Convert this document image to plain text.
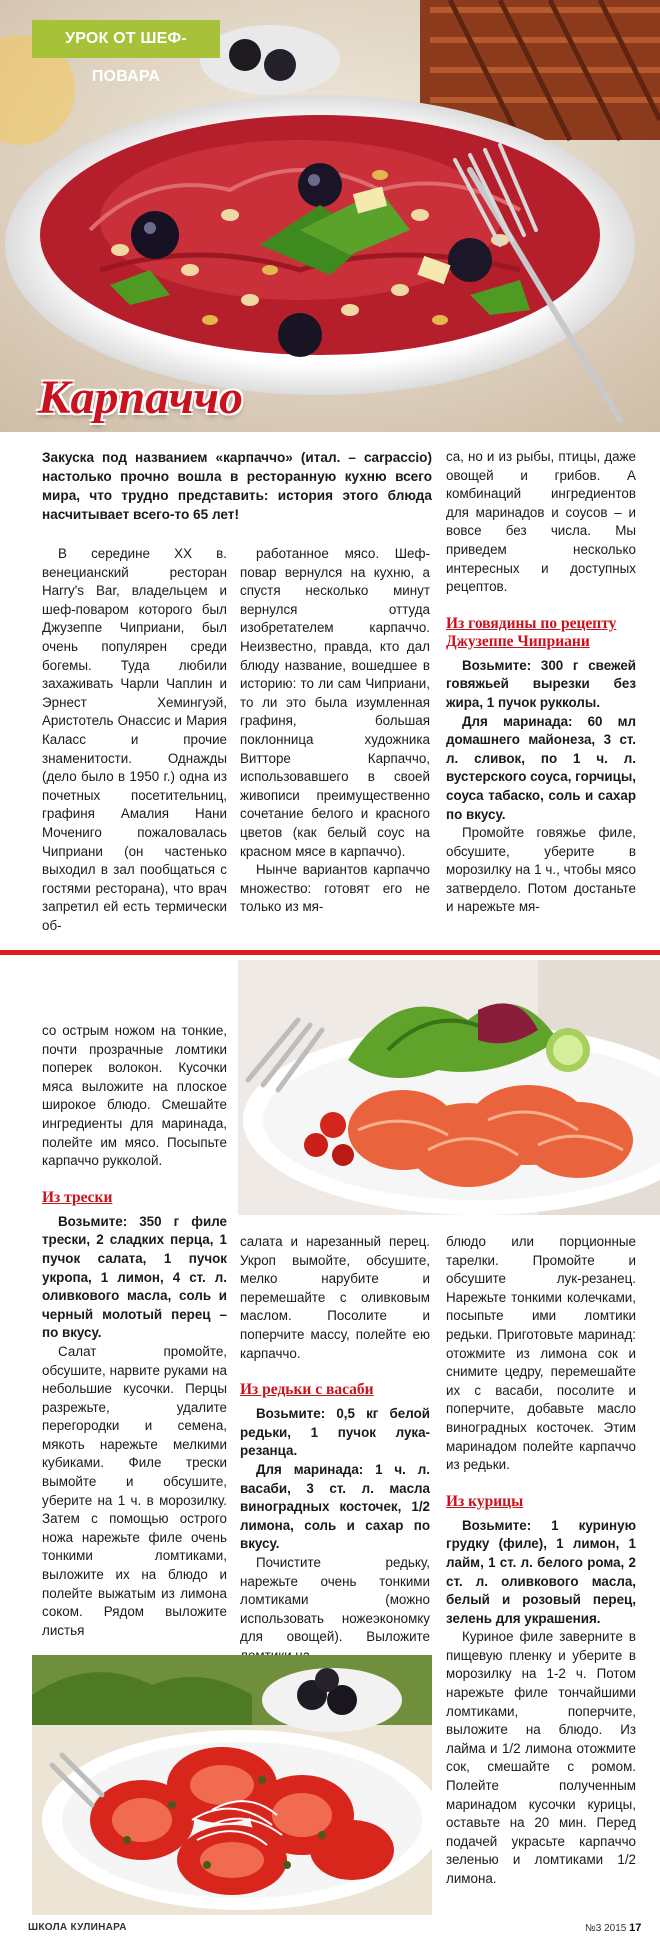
УРОК ОТ ШЕФ-ПОВАРА
Карпаччо
Закуска под названием «карпаччо» (итал. – carpaccio) настолько прочно вошла в ресторанную кухню всего мира, что трудно представить: история этого блюда насчитывает всего-то 65 лет!

В середине XX в. венецианский ресторан Harry's Bar, владельцем и шеф-поваром которого был Джузеппе Чиприани, был очень популярен среди богемы. Туда любили захаживать Чарли Чаплин и Эрнест Хемингуэй, Аристотель Онассис и Мария Каласс и прочие знаменитости. Однажды (дело было в 1950 г.) одна из почетных посетительниц, графиня Амалия Нани Мочениго пожаловалась Чиприани (он частенько выходил в зал пообщаться с гостями ресторана), что врач запретил ей есть термически об-

работанное мясо. Шеф-повар вернулся на кухню, а спустя несколько минут вернулся оттуда изобретателем карпаччо. Неизвестно, правда, кто дал блюду название, вошедшее в историю: то ли сам Чиприани, то ли это была изумленная графиня, большая поклонница художника Витторе Карпаччо, использовавшего в своей живописи преимущественно сочетание белого и красного цветов (как белый соус на красном мясе в карпаччо).

Нынче вариантов карпаччо множество: готовят его не только из мя-

са, но и из рыбы, птицы, даже овощей и грибов. А комбинаций ингредиентов для маринадов и соусов – и вовсе без числа. Мы приведем несколько интересных и доступных рецептов.

Из говядины по рецепту Джузеппе Чиприани

Возьмите: 300 г свежей говяжьей вырезки без жира, 1 пучок рукколы.

Для маринада: 60 мл домашнего майонеза, 3 ст. л. сливок, по 1 ч. л. вустерского соуса, горчицы, соуса табаско, соль и сахар по вкусу.

Промойте говяжье филе, обсушите, уберите в морозилку на 1 ч., чтобы мясо затвердело. Потом достаньте и нарежьте мя-

со острым ножом на тонкие, почти прозрачные ломтики поперек волокон. Кусочки мяса выложите на плоское широкое блюдо. Смешайте ингредиенты для маринада, полейте им мясо. Посыпьте карпаччо рукколой.

Из трески

Возьмите: 350 г филе трески, 2 сладких перца, 1 пучок салата, 1 пучок укропа, 1 лимон, 4 ст. л. оливкового масла, соль и черный молотый перец – по вкусу.

Салат промойте, обсушите, нарвите руками на небольшие кусочки. Перцы разрежьте, удалите перегородки и семена, мякоть нарежьте мелкими кубиками. Филе трески вымойте и обсушите, уберите на 1 ч. в морозилку. Затем с помощью острого ножа нарежьте филе очень тонкими ломтиками, выложите их на блюдо и полейте выжатым из лимона соком. Рядом выложите листья

салата и нарезанный перец. Укроп вымойте, обсушите, мелко нарубите и перемешайте с оливковым маслом. Посолите и поперчите массу, полейте ею карпаччо.

Из редьки с васаби

Возьмите: 0,5 кг белой редьки, 1 пучок лука-резанца.

Для маринада: 1 ч. л. васаби, 3 ст. л. масла виноградных косточек, 1/2 лимона, соль и сахар по вкусу.

Почистите редьку, нарежьте очень тонкими ломтиками (можно использовать ножеэкономку для овощей). Выложите

блюдо или порционные тарелки. Промойте и обсушите лук-резанец. Нарежьте тонкими колечками, посыпьте ими ломтики редьки. Приготовьте маринад: отожмите из лимона сок и снимите цедру, перемешайте их с васаби, посолите и поперчите, добавьте масло виноградных косточек. Этим маринадом полейте карпаччо из редьки.

Из курицы

Возьмите: 1 куриную грудку (филе), 1 лимон, 1 лайм, 1 ст. л. белого рома, 2 ст. л. оливкового масла, белый и розовый перец, зелень для украшения.

Куриное филе заверните в пищевую пленку и уберите в морозилку на 1-2 ч. Потом нарежьте филе тончайшими ломтиками, поперчите, выложите на блюдо. Из лайма и 1/2 лимона отожмите сок, смешайте с ромом. Полейте полученным маринадом кусочки курицы, оставьте на 20 мин. Перед подачей украсьте карпаччо зеленью и ломтиками 1/2 лимона.

ШКОЛА КУЛИНАРА	№3 2015 17
